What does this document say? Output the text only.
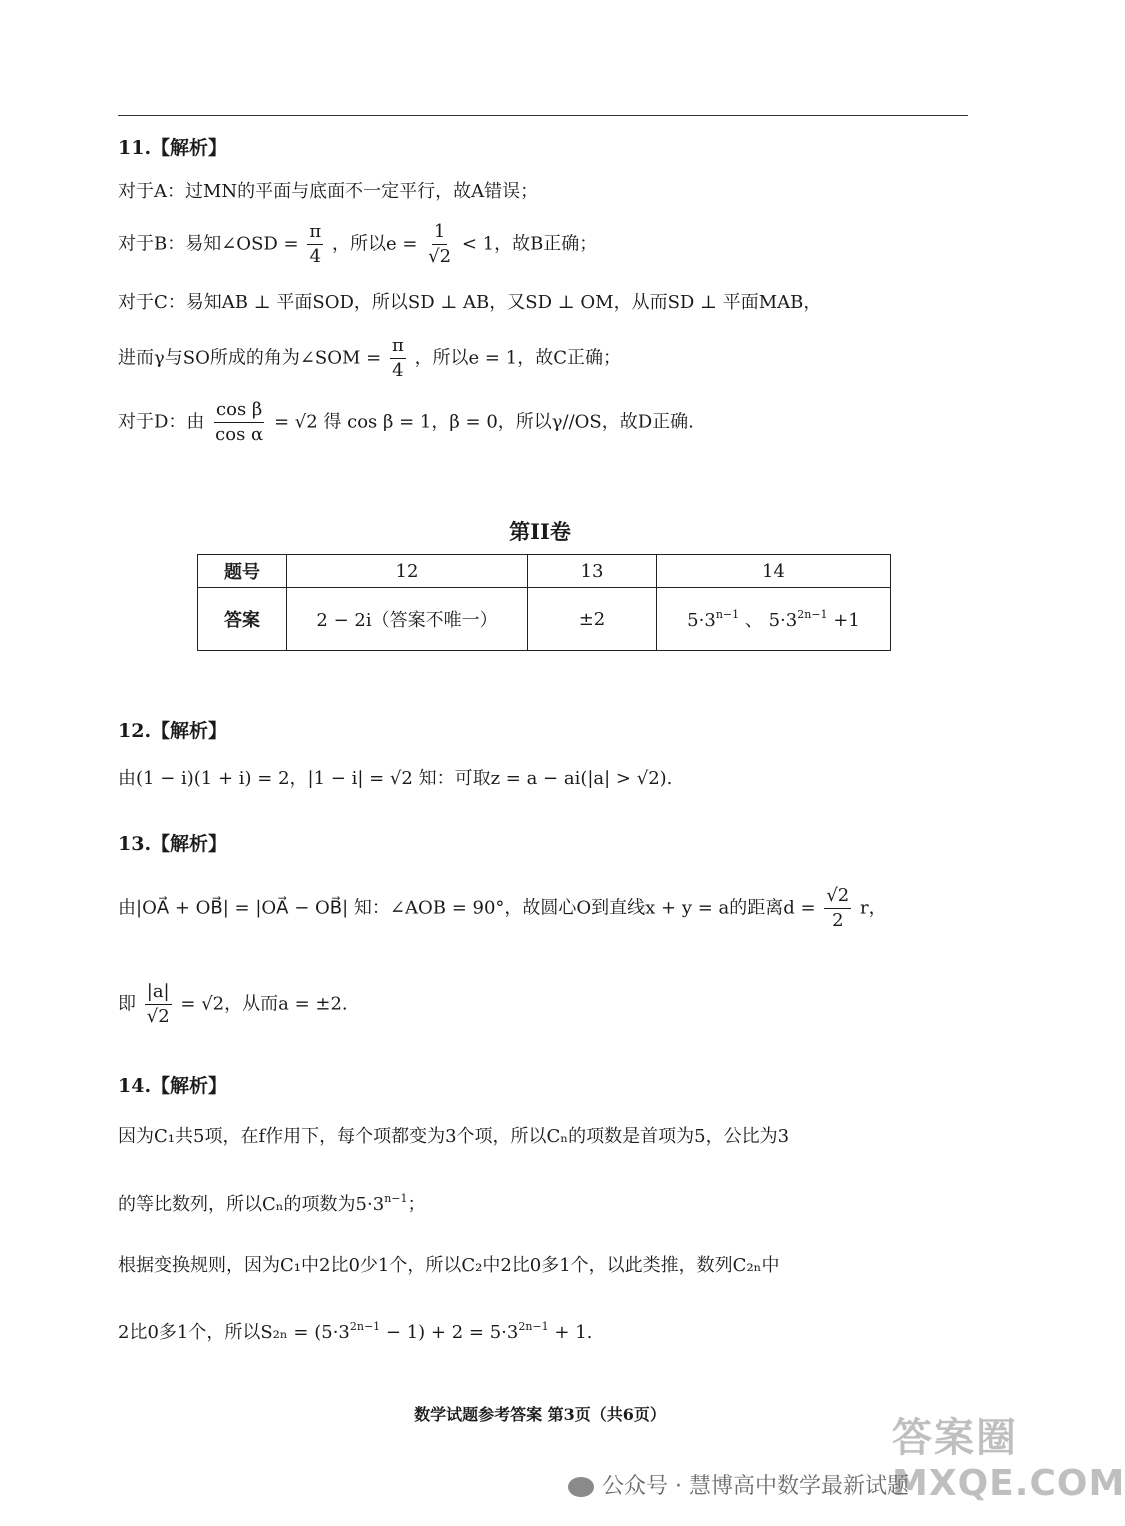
11.【解析】
对于A：过MN的平面与底面不一定平行，故A错误；
对于B：易知∠OSD = $\frac{\pi}{4}$ ，所以$e = \frac{1}{√2} < 1$，故B正确；
对于C：易知AB ⊥ 平面SOD，所以SD ⊥ AB，又SD ⊥ OM，从而SD ⊥ 平面MAB，
进而γ与SO所成的角为∠SOM = $\frac{\pi}{4}$ ，所以e = 1，故C正确；
对于D：由 $\frac{\text{cos β}}{\text{cos α}} = √2$ 得 cos β = 1，β = 0，所以γ//OS，故D正确.
第II卷
题号	12	13	14
答案	2 − 2i（答案不唯一）	±2	$5\cdot 3^{n-1}$ 、 $5\cdot 3^{2n-1} +1$
12.【解析】
由(1 − i)(1 + i) = 2，|1 − i| = √2 知：可取z = a − ai(|a| > √2).
13.【解析】
由|OA⃗ + OB⃗| = |OA⃗ − OB⃗| 知：∠AOB = 90°，故圆心O到直线x + y = a的距离$d = \frac{√2}{2}$ r，
即 $\frac{|a|}{√2} = √2$，从而a = ±2.
14.【解析】
因为C₁共5项，在f作用下，每个项都变为3个项，所以Cₙ的项数是首项为5，公比为3
的等比数列，所以Cₙ的项数为$5\cdot 3^{n-1}$；
根据变换规则，因为C₁中2比0少1个，所以C₂中2比0多1个，以此类推，数列C₂ₙ中
2比0多1个，所以$S_{2n} = (5\cdot 3^{2n-1} - 1) + 2 = 5\cdot 3^{2n-1} + 1$.
数学试题参考答案 第3页（共6页）
答案圈
MXQE.COM
公众号 · 慧博高中数学最新试题
